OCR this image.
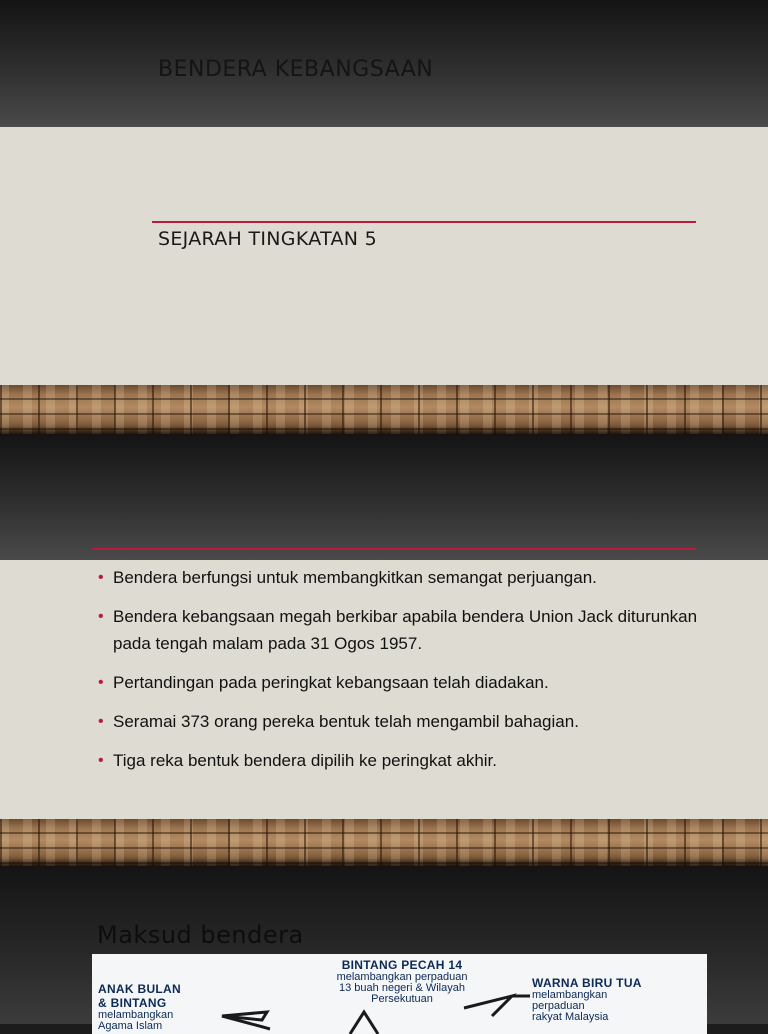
BENDERA KEBANGSAAN
SEJARAH TINGKATAN 5
• Bendera berfungsi untuk membangkitkan semangat perjuangan.
• Bendera kebangsaan megah berkibar apabila bendera Union Jack diturunkan pada tengah malam pada 31 Ogos 1957.
• Pertandingan pada peringkat kebangsaan telah diadakan.
• Seramai 373 orang pereka bentuk telah mengambil bahagian.
• Tiga reka bentuk bendera dipilih ke peringkat akhir.
Maksud bendera
BINTANG PECAH 14
melambangkan perpaduan
13 buah negeri & Wilayah
Persekutuan
ANAK BULAN
& BINTANG
melambangkan
Agama Islam
WARNA BIRU TUA
melambangkan
perpaduan
rakyat Malaysia
